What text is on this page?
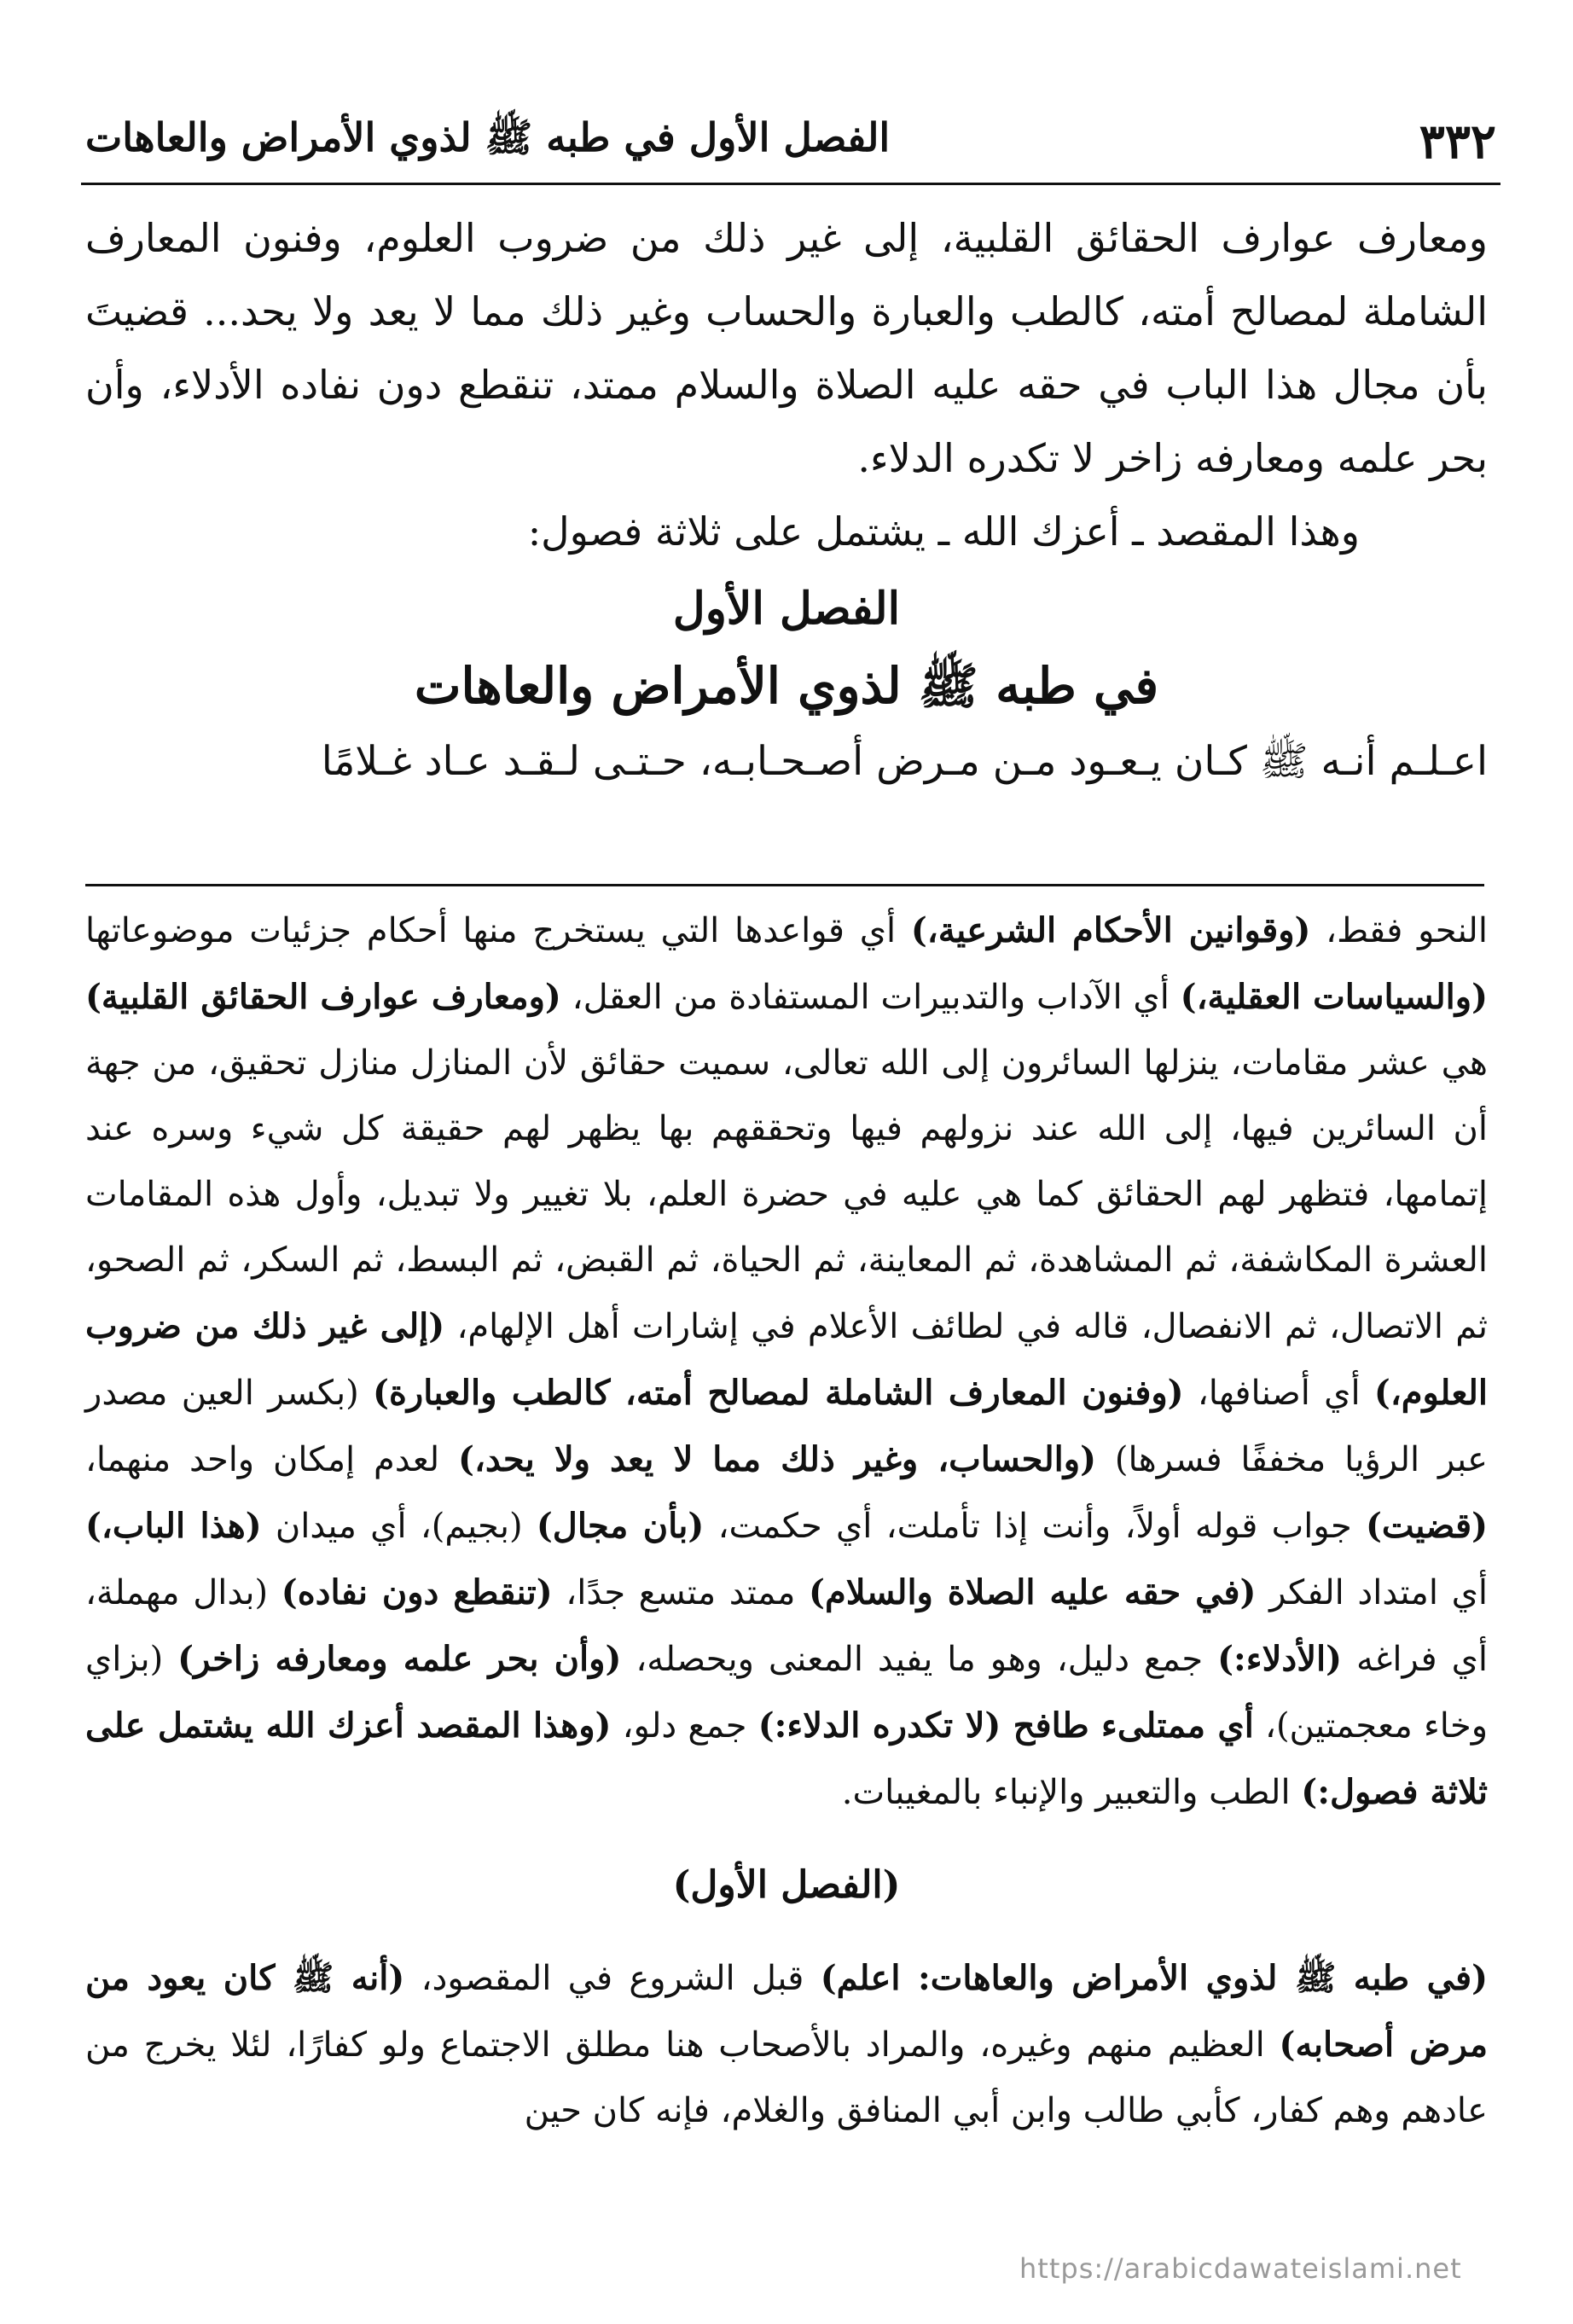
٣٣٢
الفصل الأول في طبه ﷺ لذوي الأمراض والعاهات

ومعارف عوارف الحقائق القلبية، إلى غير ذلك من ضروب العلوم، وفنون المعارف الشاملة لمصالح أمته، كالطب والعبارة والحساب وغير ذلك مما لا يعد ولا يحد... قضيتَ بأن مجال هذا الباب في حقه عليه الصلاة والسلام ممتد، تنقطع دون نفاده الأدلاء، وأن بحر علمه ومعارفه زاخر لا تكدره الدلاء.

وهذا المقصد ـ أعزك الله ـ يشتمل على ثلاثة فصول:

الفصل الأول
في طبه ﷺ لذوي الأمراض والعاهات

اعـلـم أنـه ﷺ كـان يـعـود مـن مـرض أصـحـابـه، حـتـى لـقـد عـاد غـلامًا

النحو فقط، (وقوانين الأحكام الشرعية،) أي قواعدها التي يستخرج منها أحكام جزئيات موضوعاتها (والسياسات العقلية،) أي الآداب والتدبيرات المستفادة من العقل، (ومعارف عوارف الحقائق القلبية) هي عشر مقامات، ينزلها السائرون إلى الله تعالى، سميت حقائق لأن المنازل منازل تحقيق، من جهة أن السائرين فيها، إلى الله عند نزولهم فيها وتحققهم بها يظهر لهم حقيقة كل شيء وسره عند إتمامها، فتظهر لهم الحقائق كما هي عليه في حضرة العلم، بلا تغيير ولا تبديل، وأول هذه المقامات العشرة المكاشفة، ثم المشاهدة، ثم المعاينة، ثم الحياة، ثم القبض، ثم البسط، ثم السكر، ثم الصحو، ثم الاتصال، ثم الانفصال، قاله في لطائف الأعلام في إشارات أهل الإلهام، (إلى غير ذلك من ضروب العلوم،) أي أصنافها، (وفنون المعارف الشاملة لمصالح أمته، كالطب والعبارة) (بكسر العين مصدر عبر الرؤيا مخففًا فسرها) (والحساب، وغير ذلك مما لا يعد ولا يحد،) لعدم إمكان واحد منهما، (قضيت) جواب قوله أولاً، وأنت إذا تأملت، أي حكمت، (بأن مجال) (بجيم)، أي ميدان (هذا الباب،) أي امتداد الفكر (في حقه عليه الصلاة والسلام) ممتد متسع جدًا، (تنقطع دون نفاده) (بدال مهملة، أي فراغه (الأدلاء:) جمع دليل، وهو ما يفيد المعنى ويحصله، (وأن بحر علمه ومعارفه زاخر) (بزاي وخاء معجمتين)، أي ممتلىء طافح (لا تكدره الدلاء:) جمع دلو، (وهذا المقصد أعزك الله يشتمل على ثلاثة فصول:) الطب والتعبير والإنباء بالمغيبات.

(الفصل الأول)

(في طبه ﷺ لذوي الأمراض والعاهات: اعلم) قبل الشروع في المقصود، (أنه ﷺ كان يعود من مرض أصحابه) العظيم منهم وغيره، والمراد بالأصحاب هنا مطلق الاجتماع ولو كفارًا، لئلا يخرج من عادهم وهم كفار، كأبي طالب وابن أبي المنافق والغلام، فإنه كان حين

https://arabicdawateislami.net
